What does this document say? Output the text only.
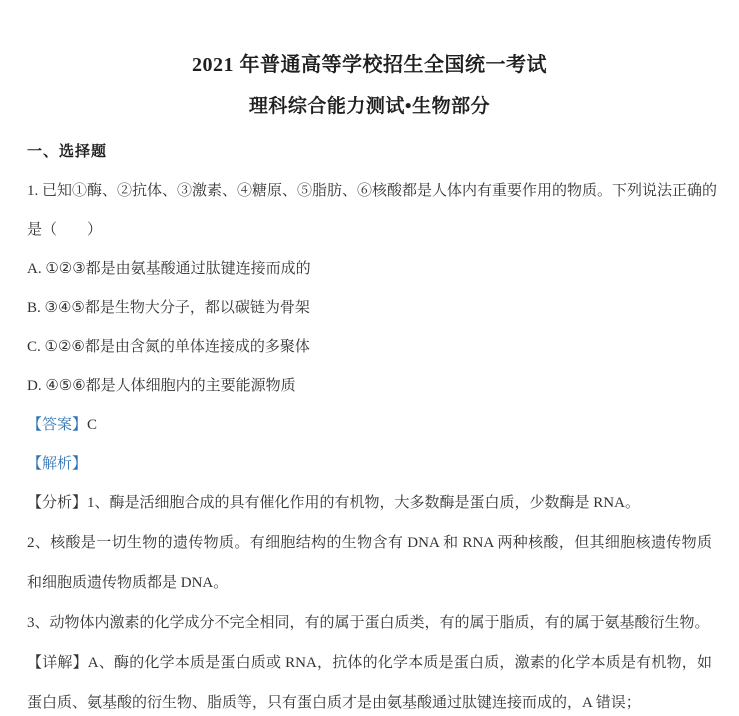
2021 年普通高等学校招生全国统一考试
理科综合能力测试•生物部分
一、选择题
1. 已知①酶、②抗体、③激素、④糖原、⑤脂肪、⑥核酸都是人体内有重要作用的物质。下列说法正确的
是（　　）
A. ①②③都是由氨基酸通过肽键连接而成的
B. ③④⑤都是生物大分子，都以碳链为骨架
C. ①②⑥都是由含氮的单体连接成的多聚体
D. ④⑤⑥都是人体细胞内的主要能源物质
【答案】C
【解析】
【分析】1、酶是活细胞合成的具有催化作用的有机物，大多数酶是蛋白质，少数酶是 RNA。
2、核酸是一切生物的遗传物质。有细胞结构的生物含有 DNA 和 RNA 两种核酸，但其细胞核遗传物质和细胞质遗传物质都是 DNA。
3、动物体内激素的化学成分不完全相同，有的属于蛋白质类，有的属于脂质，有的属于氨基酸衍生物。
【详解】A、酶的化学本质是蛋白质或 RNA，抗体的化学本质是蛋白质，激素的化学本质是有机物，如蛋白质、氨基酸的衍生物、脂质等，只有蛋白质才是由氨基酸通过肽键连接而成的，A 错误；
